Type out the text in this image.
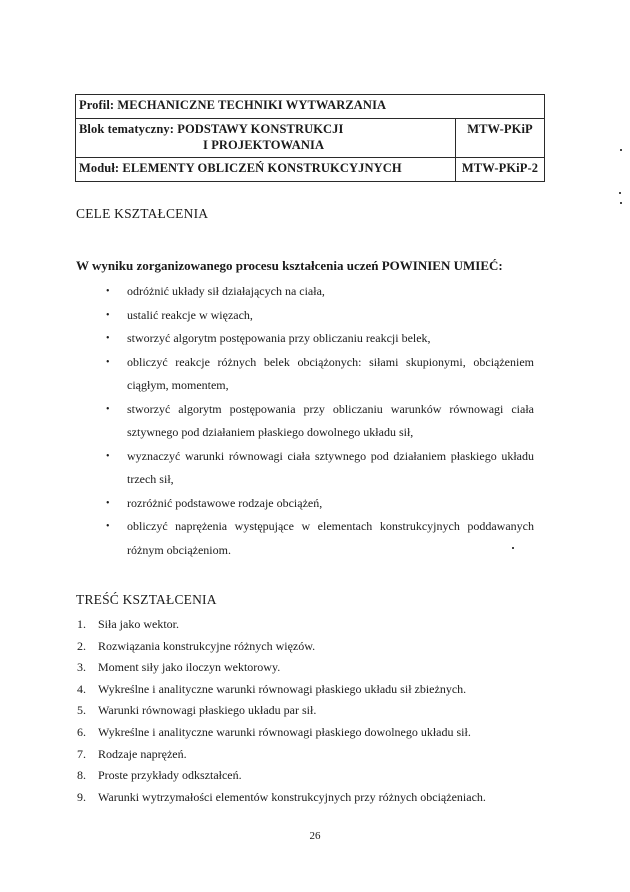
Profil: MECHANICZNE TECHNIKI WYTWARZANIA	
Blok tematyczny: PODSTAWY KONSTRUKCJI
I PROJEKTOWANIA	MTW-PKiP
Moduł: ELEMENTY OBLICZEŃ KONSTRUKCYJNYCH	MTW-PKiP-2
CELE KSZTAŁCENIA

W wyniku zorganizowanego procesu kształcenia uczeń POWINIEN UMIEĆ:

• odróżnić układy sił działających na ciała,
• ustalić reakcje w więzach,
• stworzyć algorytm postępowania przy obliczaniu reakcji belek,
• obliczyć reakcje różnych belek obciążonych: siłami skupionymi, obciążeniem ciągłym, momentem,
• stworzyć algorytm postępowania przy obliczaniu warunków równowagi ciała sztywnego pod działaniem płaskiego dowolnego układu sił,
• wyznaczyć warunki równowagi ciała sztywnego pod działaniem płaskiego układu trzech sił,
• rozróżnić podstawowe rodzaje obciążeń,
• obliczyć naprężenia występujące w elementach konstrukcyjnych poddawanych różnym obciążeniom.
TREŚĆ KSZTAŁCENIA
1. Siła jako wektor.
2. Rozwiązania konstrukcyjne różnych więzów.
3. Moment siły jako iloczyn wektorowy.
4. Wykreślne i analityczne warunki równowagi płaskiego układu sił zbieżnych.
5. Warunki równowagi płaskiego układu par sił.
6. Wykreślne i analityczne warunki równowagi płaskiego dowolnego układu sił.
7. Rodzaje naprężeń.
8. Proste przykłady odkształceń.
9. Warunki wytrzymałości elementów konstrukcyjnych przy różnych obciążeniach.
26
